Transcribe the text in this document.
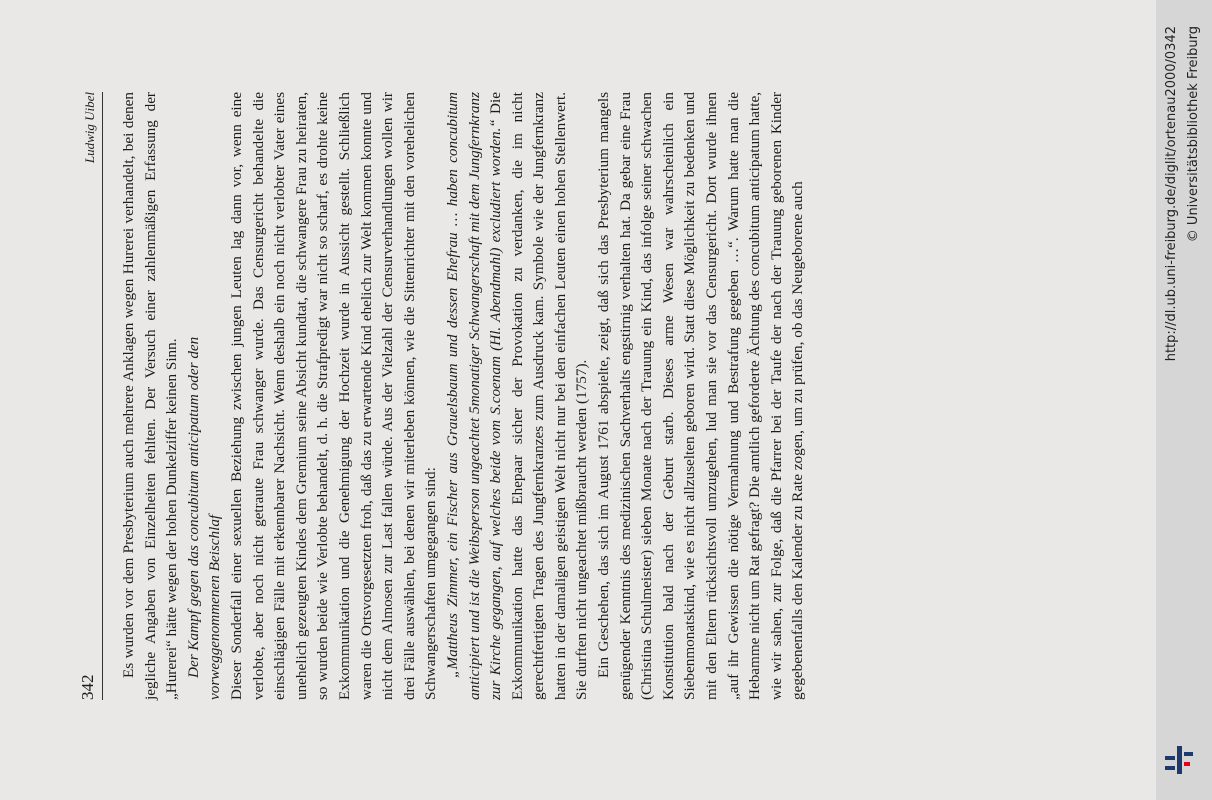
342
Ludwig Uibel Es wurden vor dem Presbyterium auch mehrere Anklagen wegen Hurerei verhandelt, bei denen jegliche Angaben von Einzelheiten fehlten. Der Versuch einer zahlenmäßigen Erfassung der „Hurerei“ hätte wegen der hohen Dunkelziffer keinen Sinn. Der Kampf gegen das concubitum anticipatum oder den vorweggenommenen Beischlaf Dieser Sonderfall einer sexuellen Beziehung zwischen jungen Leuten lag dann vor, wenn eine verlobte, aber noch nicht getraute Frau schwanger wurde. Das Censurgericht behandelte die einschlägigen Fälle mit erkennbarer Nachsicht. Wenn deshalb ein noch nicht verlobter Vater eines unehelich gezeugten Kindes dem Gremium seine Absicht kundtat, die schwangere Frau zu heiraten, so wurden beide wie Verlobte behandelt, d. h. die Strafpredigt war nicht so scharf, es drohte keine Exkommunikation und die Genehmigung der Hochzeit wurde in Aussicht gestellt. Schließlich waren die Ortsvorgesetzten froh, daß das zu erwartende Kind ehelich zur Welt kommen konnte und nicht dem Almosen zur Last fallen würde. Aus der Vielzahl der Censurverhandlungen wollen wir drei Fälle auswählen, bei denen wir miterleben können, wie die Sittenrichter mit den vorehelichen Schwangerschaften umgegangen sind: „Mattheus Zimmer, ein Fischer aus Grauelsbaum und dessen Ehefrau … haben concubitum anticipiert und ist die Weibsperson ungeachtet 5monatiger Schwangerschaft mit dem Jungfernkranz zur Kirche gegangen, auf welches beide vom S.coenam (Hl. Abendmahl) excludiert worden.“ Die Exkommunikation hatte das Ehepaar sicher der Provokation zu verdanken, die im nicht gerechtfertigten Tragen des Jungfernkranzes zum Ausdruck kam. Symbole wie der Jungfernkranz hatten in der damaligen geistigen Welt nicht nur bei den einfachen Leuten einen hohen Stellenwert. Sie durften nicht ungeachtet mißbraucht werden (1757). Ein Geschehen, das sich im August 1761 abspielte, zeigt, daß sich das Presbyterium mangels genügender Kenntnis des medizinischen Sachverhalts engstirnig verhalten hat. Da gebar eine Frau (Christina Schulmeister) sieben Monate nach der Trauung ein Kind, das infolge seiner schwachen Konstitution bald nach der Geburt starb. Dieses arme Wesen war wahrscheinlich ein Siebenmonatskind, wie es nicht allzuselten geboren wird. Statt diese Möglichkeit zu bedenken und mit den Eltern rücksichtsvoll umzugehen, lud man sie vor das Censurgericht. Dort wurde ihnen „auf ihr Gewissen die nötige Vermahnung und Bestrafung gegeben …“. Warum hatte man die Hebamme nicht um Rat gefragt? Die amtlich geforderte Ächtung des concubitum anticipatum hatte, wie wir sahen, zur Folge, daß die Pfarrer bei der Taufe der nach der Trauung geborenen Kinder gegebenenfalls den Kalender zu Rate zogen, um zu prüfen, ob das Neugeborene auch	http://dl.ub.uni-freiburg.de/diglit/ortenau2000/0342 © Universitätsbibliothek Freiburg
